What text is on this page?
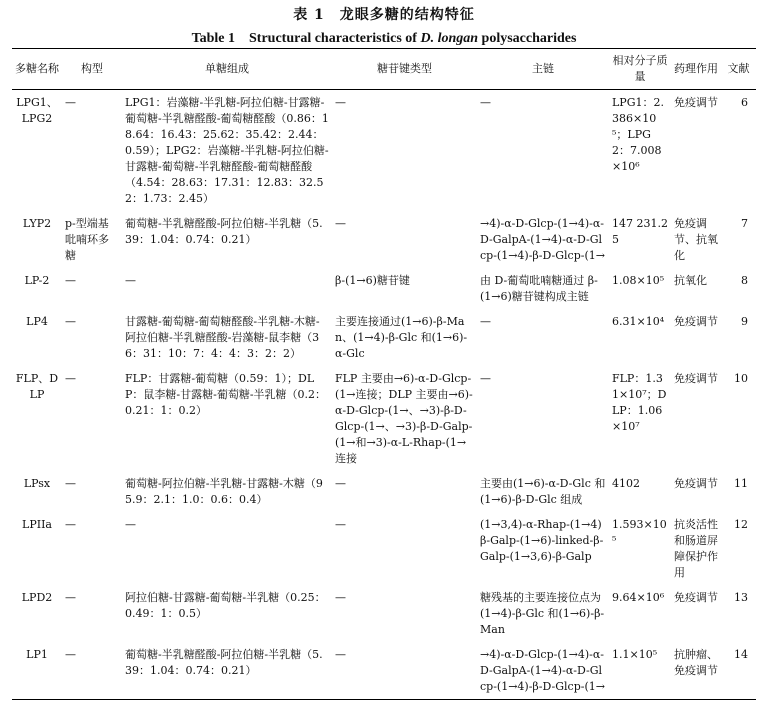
表 1　龙眼多糖的结构特征
Table 1　Structural characteristics of D. longan polysaccharides
多糖名称	构型	单糖组成	糖苷键类型	主链	相对分子质量	药理作用	文献
LPG1、LPG2	—	LPG1：岩藻糖-半乳糖-阿拉伯糖-甘露糖-葡萄糖-半乳糖醛酸-葡萄糖醛酸（0.86：18.64：16.43：25.62：35.42：2.44：0.59）；LPG2：岩藻糖-半乳糖-阿拉伯糖-甘露糖-葡萄糖-半乳糖醛酸-葡萄糖醛酸（4.54：28.63：17.31：12.83：32.52：1.73：2.45）	—	—	LPG1：2.386×10⁵；LPG2：7.008×10⁶	免疫调节	6
LYP2	p-型端基吡喃环多糖	葡萄糖-半乳糖醛酸-阿拉伯糖-半乳糖（5.39：1.04：0.74：0.21）	—	→4)-α-D-Glcp-(1→4)-α-D-GalpA-(1→4)-α-D-Glcp-(1→4)-β-D-Glcp-(1→	147 231.25	免疫调节、抗氧化	7
LP-2	—	—	β-(1→6)糖苷键	由 D-葡萄吡喃糖通过 β-(1→6)糖苷键构成主链	1.08×10⁵	抗氧化	8
LP4	—	甘露糖-葡萄糖-葡萄糖醛酸-半乳糖-木糖-阿拉伯糖-半乳糖醛酸-岩藻糖-鼠李糖（36：31：10：7：4：4：3：2：2）	主要连接通过(1→6)-β-Man、(1→4)-β-Glc 和(1→6)-α-Glc	—	6.31×10⁴	免疫调节	9
FLP、DLP	—	FLP：甘露糖-葡萄糖（0.59：1）；DLP：鼠李糖-甘露糖-葡萄糖-半乳糖（0.2：0.21：1：0.2）	FLP 主要由→6)-α-D-Glcp-(1→连接；DLP 主要由→6)-α-D-Glcp-(1→、→3)-β-D-Glcp-(1→、→3)-β-D-Galp-(1→和→3)-α-L-Rhap-(1→连接	—	FLP：1.31×10⁷；DLP：1.06×10⁷	免疫调节	10
LPsx	—	葡萄糖-阿拉伯糖-半乳糖-甘露糖-木糖（95.9：2.1：1.0：0.6：0.4）	—	主要由(1→6)-α-D-Glc 和(1→6)-β-D-Glc 组成	4102	免疫调节	11
LPIIa	—	—	—	(1→3,4)-α-Rhap-(1→4)β-Galp-(1→6)-linked-β-Galp-(1→3,6)-β-Galp	1.593×10⁵	抗炎活性和肠道屏障保护作用	12
LPD2	—	阿拉伯糖-甘露糖-葡萄糖-半乳糖（0.25：0.49：1：0.5）	—	糖残基的主要连接位点为(1→4)-β-Glc 和(1→6)-β-Man	9.64×10⁶	免疫调节	13
LP1	—	葡萄糖-半乳糖醛酸-阿拉伯糖-半乳糖（5.39：1.04：0.74：0.21）	—	→4)-α-D-Glcp-(1→4)-α-D-GalpA-(1→4)-α-D-Glcp-(1→4)-β-D-Glcp-(1→	1.1×10⁵	抗肿瘤、免疫调节	14
